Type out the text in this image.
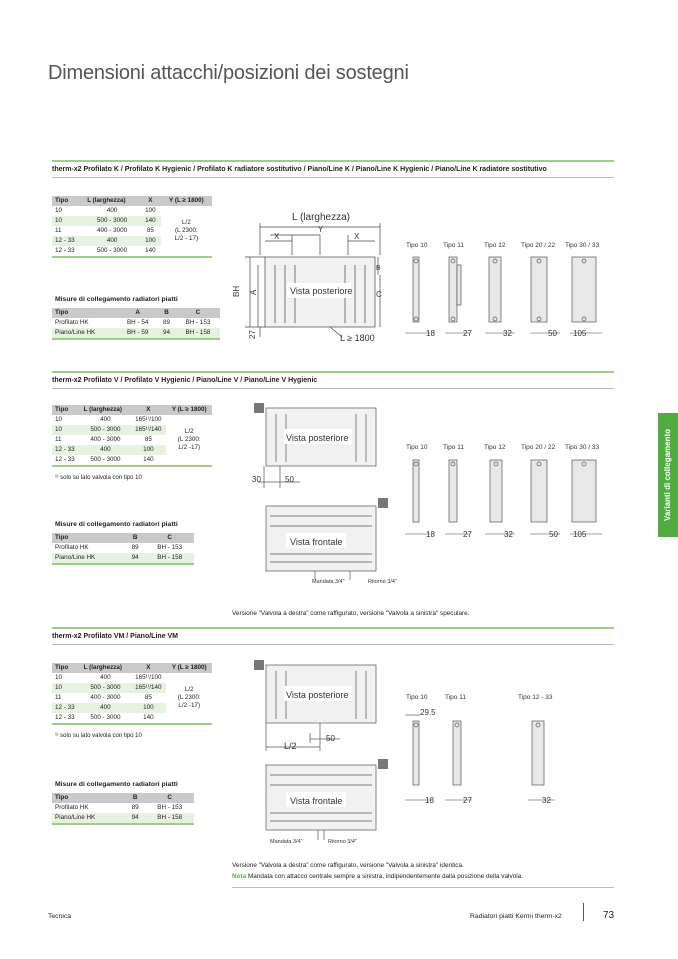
Dimensioni attacchi/posizioni dei sostegni
Varianti di collegamento
therm-x2 Profilato K / Profilato K Hygienic / Profilato K radiatore sostitutivo / Piano/Line K / Piano/Line K Hygienic / Piano/Line K radiatore sostitutivo
Tipo	L (larghezza)	X	Y (L ≥ 1800)
10	400	100	L/2
(L 2300:
L/2 - 17)

10	500 - 3000	140	
11	400 - 3000	85	
12 - 33	400	100	
12 - 33	500 - 3000	140	
Misure di collegamento radiatori piatti			
Tipo	A	B	C
Profilato HK	BH - 54	89	BH - 153
Piano/Line HK	BH - 59	94	BH - 158
L (larghezza)
Y
X	X
Vista posteriore
BH A
B
C
27	L ≥ 1800
Tipo 10 Tipo 11	Tipo 12 Tipo 20 / 22 Tipo 30 / 33
18	27	32	50 105
therm-x2 Profilato V / Profilato V Hygienic / Piano/Line V / Piano/Line V Hygienic
Tipo	L (larghezza)	X	Y (L ≥ 1800)
10	400	165¹⁾/100	L/2
(L 2300:
L/2 -17)

10	500 - 3000	165¹⁾/140	
11	400 - 3000	85	
12 - 33	400	100	
12 - 33	500 - 3000	140	
¹⁾ solo su lato valvola con tipo 10
Misure di collegamento radiatori piatti		
Tipo	B	C
Profilato HK	89	BH - 153
Piano/Line HK	94	BH - 158
Vista posteriore
Vista frontale
30	50
Mandata 3/4"	Ritorno 3/4"
Tipo 10 Tipo 11	Tipo 12 Tipo 20 / 22 Tipo 30 / 33
18	27	32	50 105
Versione "Valvola a destra" come raffigurato, versione "Valvola a sinistra" speculare.
therm-x2 Profilato VM / Piano/Line VM
Tipo	L (larghezza)	X	Y (L ≥ 1800)
10	400	165¹⁾/100	L/2
(L 2300:
L/2 -17)

10	500 - 3000	165¹⁾/140	
11	400 - 3000	85	
12 - 33	400	100	
12 - 33	500 - 3000	140	
¹⁾ solo su lato valvola con tipo 10
Misure di collegamento radiatori piatti		
Tipo	B	C
Profilato HK	89	BH - 153
Piano/Line HK	94	BH - 158
Vista posteriore
Vista frontale
L/2
50
Mandata 3/4"	Ritorno 3/4"
Tipo 10	Tipo 11	Tipo 12 - 33
29.5
18	27	32
Versione "Valvola a destra" come raffigurato, versione "Valvola a sinistra" identica.
Nota Mandata con attacco centrale sempre a sinistra, indipendentemente dalla posizione della valvola.
Tecnica	Radiatori piatti Kermi therm-x2	73
